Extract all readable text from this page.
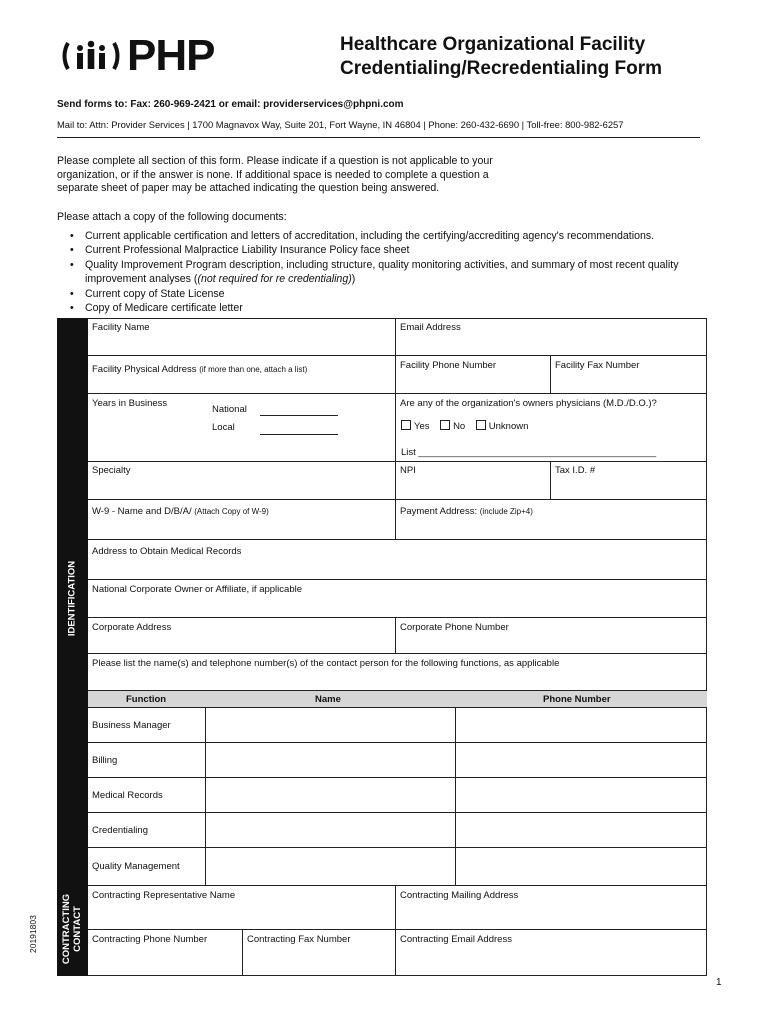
PHP	Healthcare Organizational Facility
Credentialing/Recredentialing Form
Send forms to: Fax: 260-969-2421 or email: providerservices@phpni.com
Mail to: Attn: Provider Services | 1700 Magnavox Way, Suite 201, Fort Wayne, IN 46804 | Phone: 260-432-6690 | Toll-free: 800-982-6257
Please complete all section of this form. Please indicate if a question is not applicable to your organization, or if the answer is none. If additional space is needed to complete a question a separate sheet of paper may be attached indicating the question being answered.
Please attach a copy of the following documents:
• Current applicable certification and letters of accreditation, including the certifying/accrediting agency's recommendations.
• Current Professional Malpractice Liability Insurance Policy face sheet
• Quality Improvement Program description, including structure, quality monitoring activities, and summary of most recent quality improvement analyses ((not required for re credentialing))
• Current copy of State License
• Copy of Medicare certificate letter
IDENTIFICATION
CONTRACTING CONTACT
Facility Name	Email Address
Facility Physical Address (if more than one, attach a list)	Facility Phone Number	Facility Fax Number
Years in Business
National
Local
Are any of the organization's owners physicians (M.D./D.O.)?
Yes No Unknown
List _____________________________________________
Specialty	NPI	Tax I.D. #
W-9 - Name and D/B/A/ (Attach Copy of W-9)	Payment Address: (include Zip+4)
Address to Obtain Medical Records
National Corporate Owner or Affiliate, if applicable
Corporate Address	Corporate Phone Number
Please list the name(s) and telephone number(s) of the contact person for the following functions, as applicable
Function	Name	Phone Number
Business Manager
Billing
Medical Records
Credentialing
Quality Management
Contracting Representative Name	Contracting Mailing Address
Contracting Phone Number	Contracting Fax Number	Contracting Email Address
20191803
1
